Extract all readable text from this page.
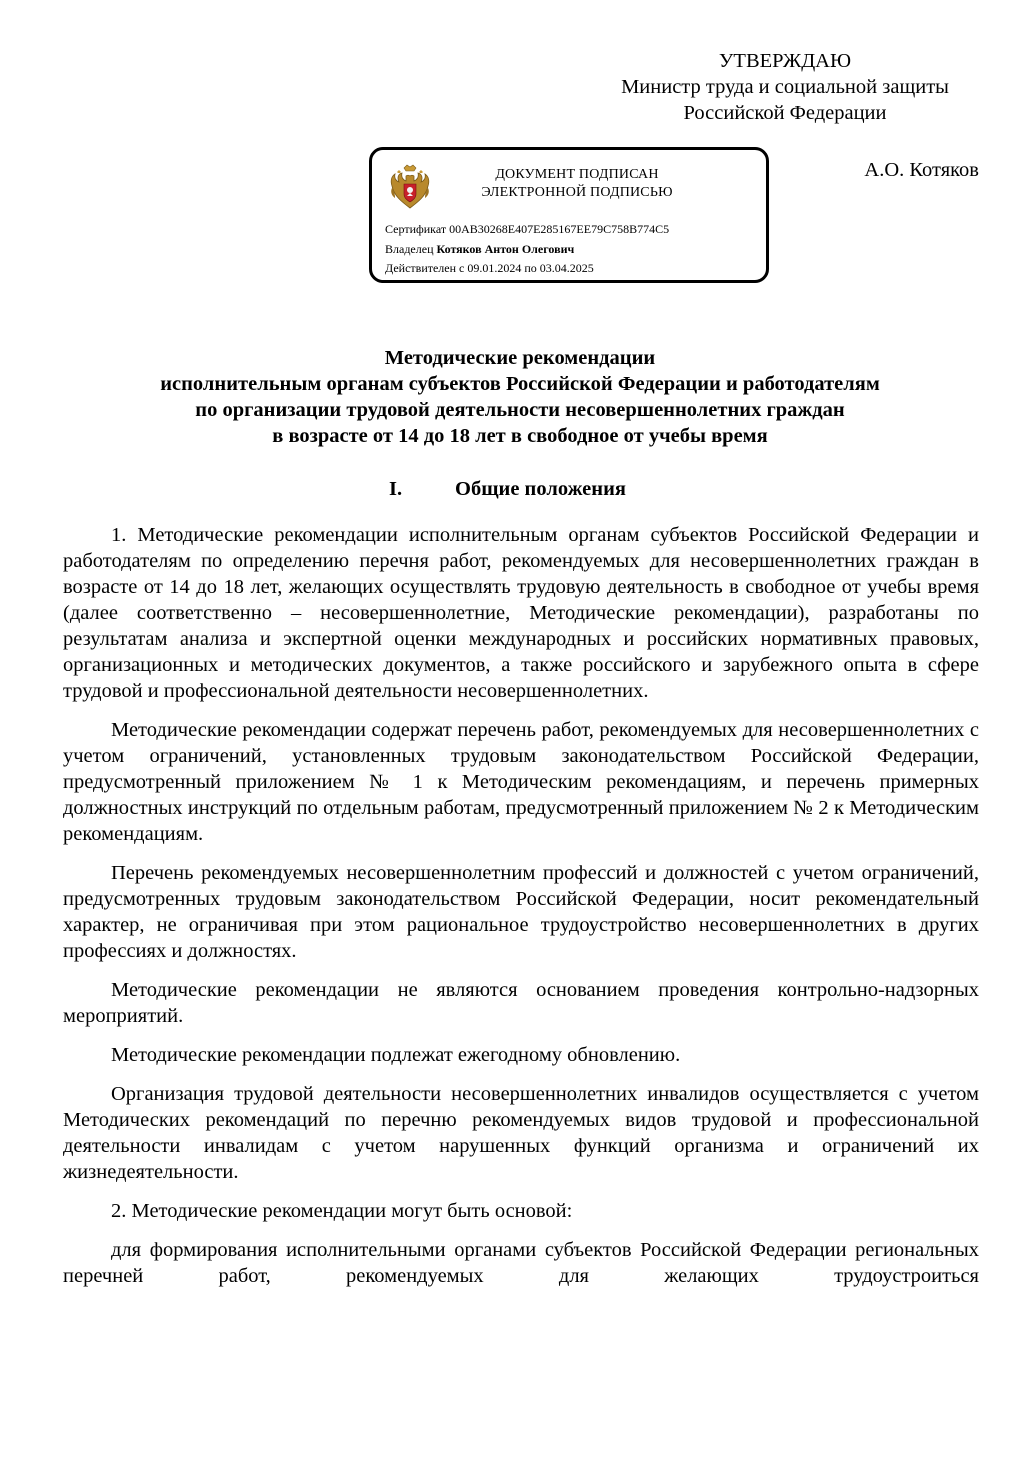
УТВЕРЖДАЮ
Министр труда и социальной защиты
Российской Федерации
А.О. Котяков
ДОКУМЕНТ ПОДПИСАН
ЭЛЕКТРОННОЙ ПОДПИСЬЮ
Сертификат 00AB30268E407E285167EE79C758B774C5
Владелец Котяков Антон Олегович
Действителен с 09.01.2024 по 03.04.2025
Методические рекомендации
исполнительным органам субъектов Российской Федерации и работодателям
по организации трудовой деятельности несовершеннолетних граждан
в возрасте от 14 до 18 лет в свободное от учебы время
I.	Общие положения

1. Методические рекомендации исполнительным органам субъектов Российской Федерации и работодателям по определению перечня работ, рекомендуемых для несовершеннолетних граждан в возрасте от 14 до 18 лет, желающих осуществлять трудовую деятельность в свободное от учебы время (далее соответственно – несовершеннолетние, Методические рекомендации), разработаны по результатам анализа и экспертной оценки международных и российских нормативных правовых, организационных и методических документов, а также российского и зарубежного опыта в сфере трудовой и профессиональной деятельности несовершеннолетних.

Методические рекомендации содержат перечень работ, рекомендуемых для несовершеннолетних с учетом ограничений, установленных трудовым законодательством Российской Федерации, предусмотренный приложением № 1 к Методическим рекомендациям, и перечень примерных должностных инструкций по отдельным работам, предусмотренный приложением № 2 к Методическим рекомендациям.

Перечень рекомендуемых несовершеннолетним профессий и должностей с учетом ограничений, предусмотренных трудовым законодательством Российской Федерации, носит рекомендательный характер, не ограничивая при этом рациональное трудоустройство несовершеннолетних в других профессиях и должностях.

Методические рекомендации не являются основанием проведения контрольно-надзорных мероприятий.

Методические рекомендации подлежат ежегодному обновлению.

Организация трудовой деятельности несовершеннолетних инвалидов осуществляется с учетом Методических рекомендаций по перечню рекомендуемых видов трудовой и профессиональной деятельности инвалидам с учетом нарушенных функций организма и ограничений их жизнедеятельности.

2. Методические рекомендации могут быть основой:

для формирования исполнительными органами субъектов Российской Федерации региональных перечней работ, рекомендуемых для желающих трудоустроиться
